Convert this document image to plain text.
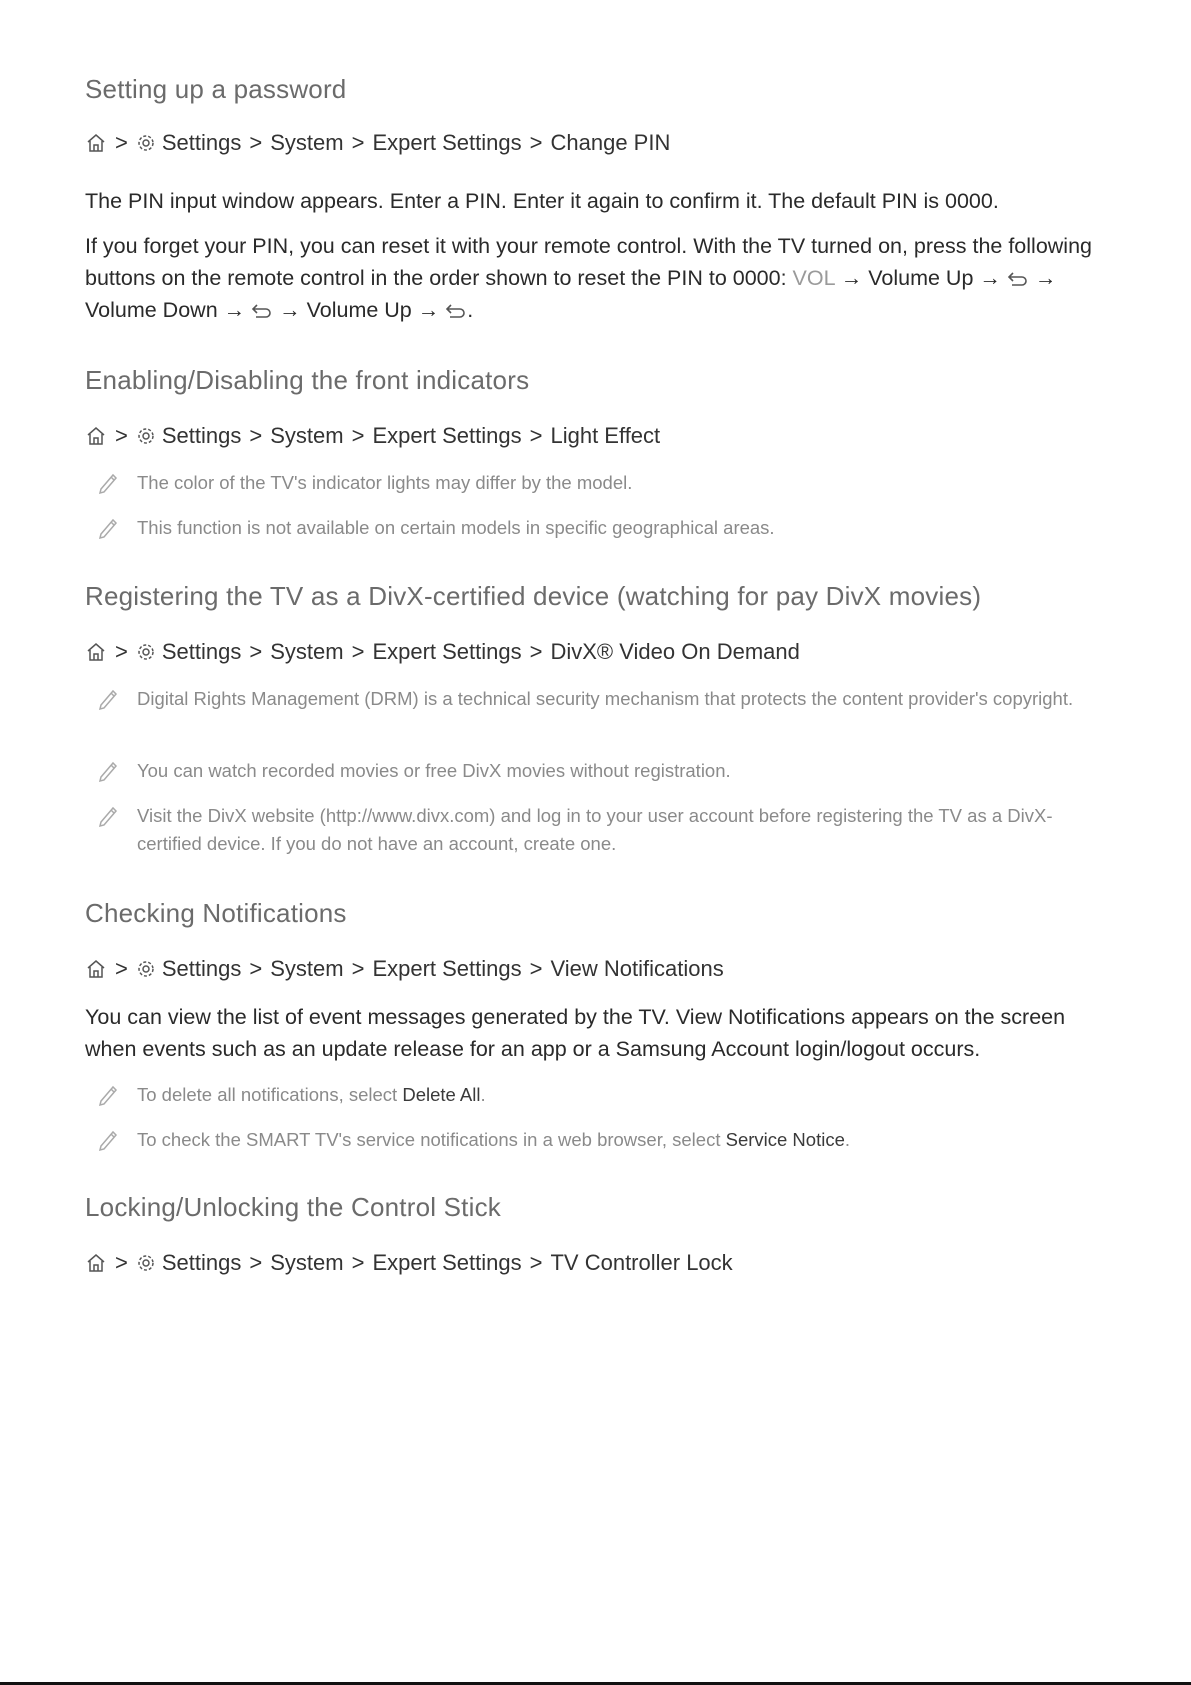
Setting up a password
> Settings > System > Expert Settings > Change PIN
The PIN input window appears. Enter a PIN. Enter it again to confirm it. The default PIN is 0000.
If you forget your PIN, you can reset it with your remote control. With the TV turned on, press the following buttons on the remote control in the order shown to reset the PIN to 0000: VOL → Volume Up → → Volume Down → → Volume Up → .
Enabling/Disabling the front indicators
> Settings > System > Expert Settings > Light Effect
The color of the TV's indicator lights may differ by the model.
This function is not available on certain models in specific geographical areas.
Registering the TV as a DivX-certified device (watching for pay DivX movies)
> Settings > System > Expert Settings > DivX® Video On Demand
Digital Rights Management (DRM) is a technical security mechanism that protects the content provider's copyright.
You can watch recorded movies or free DivX movies without registration.
Visit the DivX website (http://www.divx.com) and log in to your user account before registering the TV as a DivX-certified device. If you do not have an account, create one.
Checking Notifications
> Settings > System > Expert Settings > View Notifications
You can view the list of event messages generated by the TV. View Notifications appears on the screen when events such as an update release for an app or a Samsung Account login/logout occurs.
To delete all notifications, select Delete All.
To check the SMART TV's service notifications in a web browser, select Service Notice.
Locking/Unlocking the Control Stick
> Settings > System > Expert Settings > TV Controller Lock
